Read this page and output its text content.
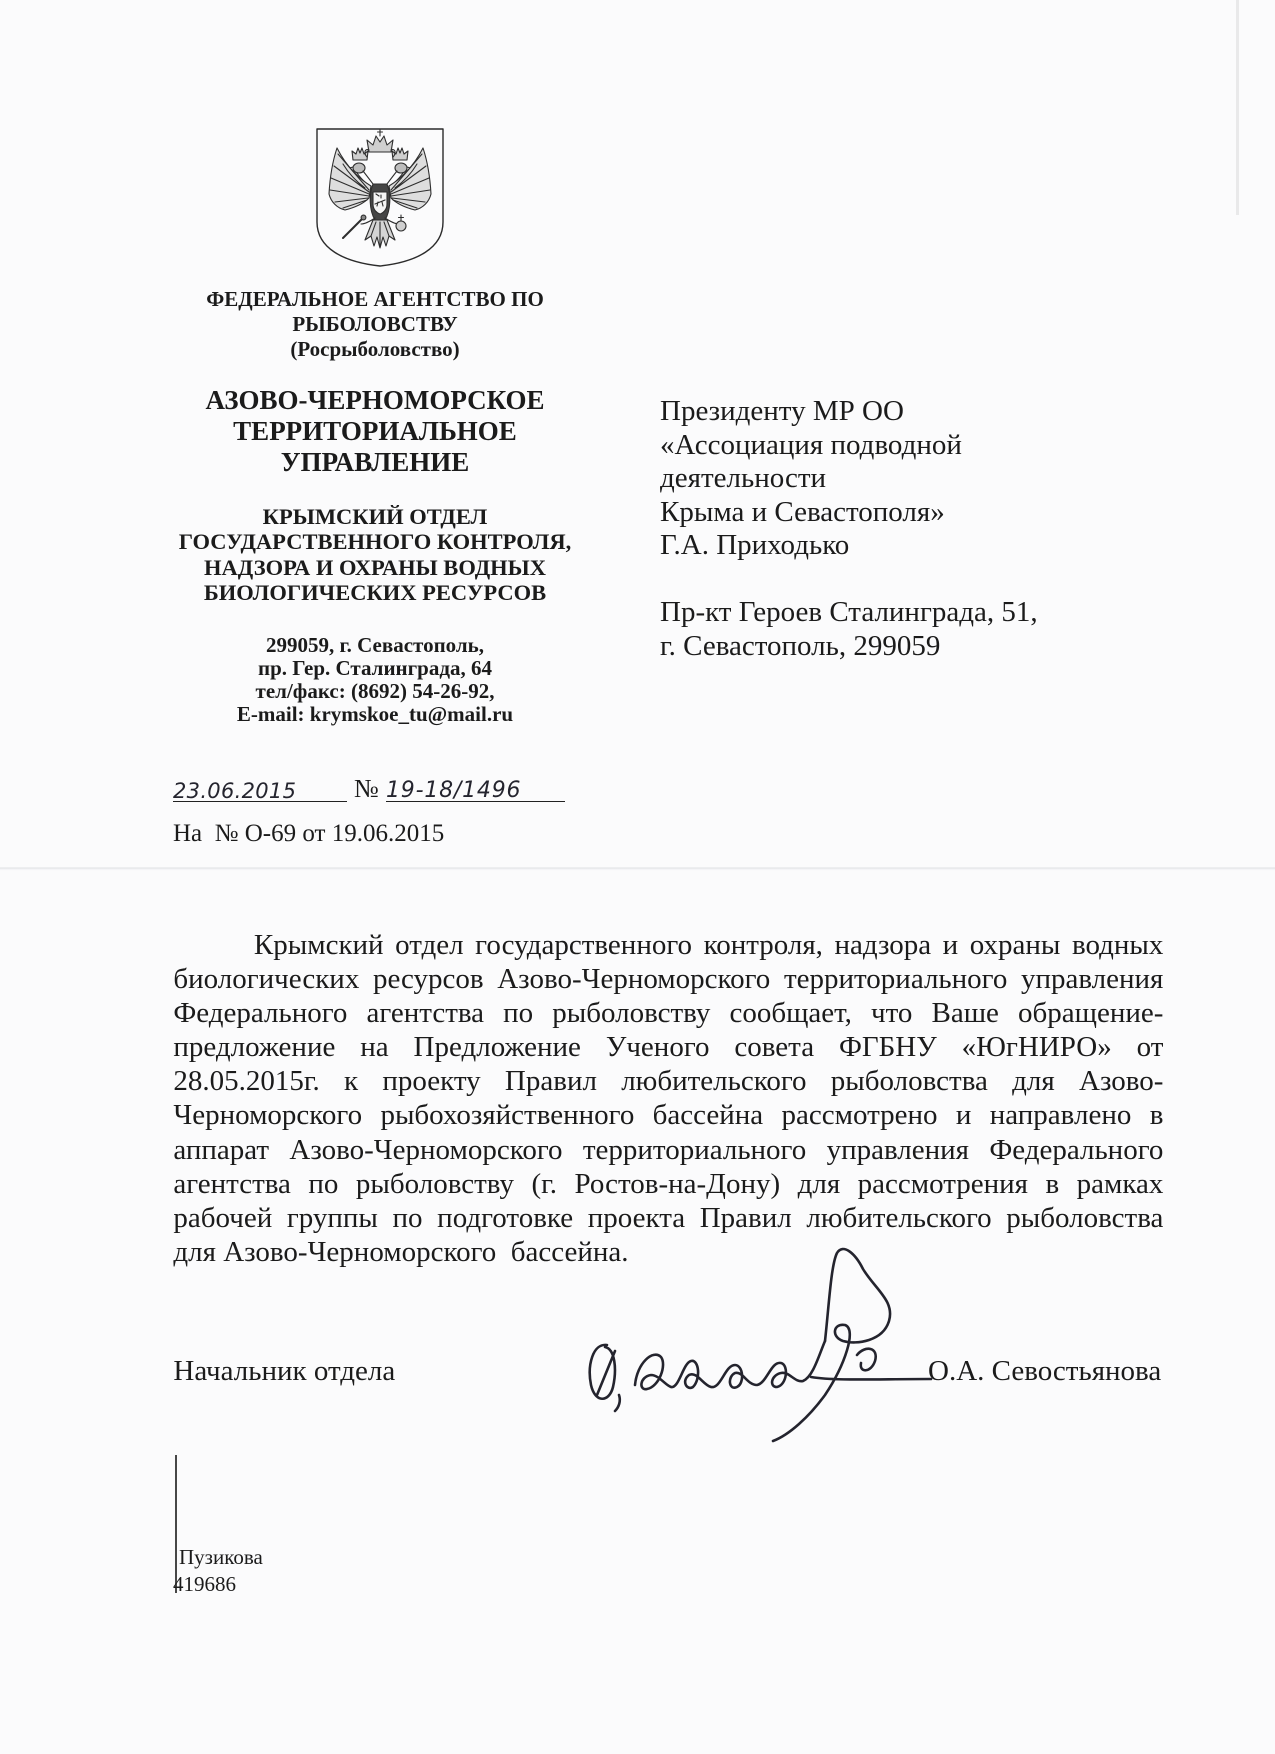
ФЕДЕРАЛЬНОЕ АГЕНТСТВО ПО
РЫБОЛОВСТВУ
(Росрыболовство)
АЗОВО-ЧЕРНОМОРСКОЕ
ТЕРРИТОРИАЛЬНОЕ
УПРАВЛЕНИЕ
КРЫМСКИЙ ОТДЕЛ
ГОСУДАРСТВЕННОГО КОНТРОЛЯ,
НАДЗОРА И ОХРАНЫ ВОДНЫХ
БИОЛОГИЧЕСКИХ РЕСУРСОВ
299059, г. Севастополь,
пр. Гер. Сталинграда, 64
тел/факс: (8692) 54-26-92,
E-mail: krymskoe_tu@mail.ru
23.06.2015	№ 19-18/1496
На  № О-69 от 19.06.2015
Президенту МР ОО
«Ассоциация подводной
деятельности
Крыма и Севастополя»
Г.А. Приходько
Пр-кт Героев Сталинграда, 51,
г. Севастополь, 299059
Крымский отдел государственного контроля, надзора и охраны водных
биологических ресурсов Азово-Черноморского территориального управления
Федерального агентства по рыболовству сообщает, что Ваше обращение-
предложение на Предложение Ученого совета ФГБНУ «ЮгНИРО» от
28.05.2015г. к проекту Правил любительского рыболовства для Азово-
Черноморского рыбохозяйственного бассейна рассмотрено и направлено в
аппарат Азово-Черноморского территориального управления Федерального
агентства по рыболовству (г. Ростов-на-Дону) для рассмотрения в рамках
рабочей группы по подготовке проекта Правил любительского рыболовства
для Азово-Черноморского  бассейна.
Начальник отдела	О.А. Севостьянова
Пузикова
419686
